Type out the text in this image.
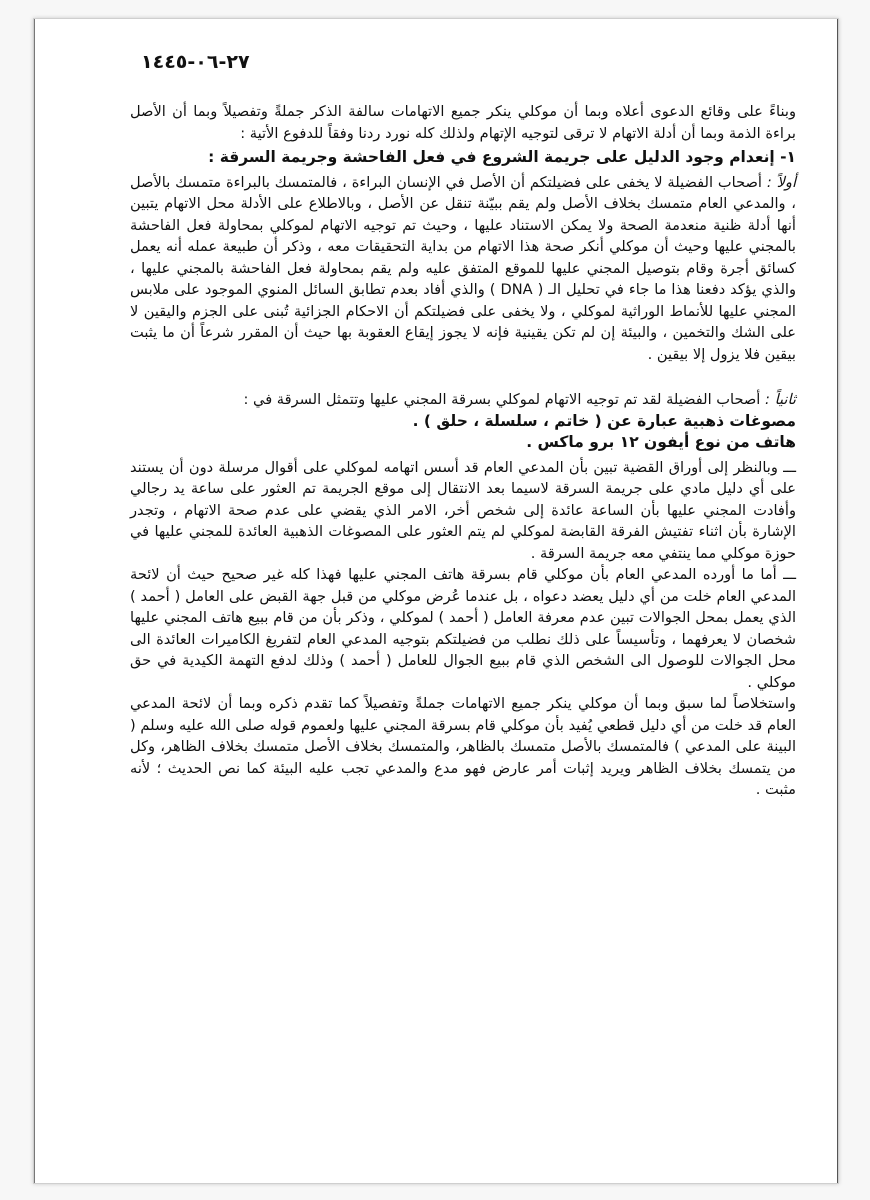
٢٧-٠٦-١٤٤٥

وبناءً على وقائع الدعوى أعلاه وبما أن موكلي ينكر جميع الاتهامات سالفة الذكر جملةً وتفصيلاً وبما أن الأصل براءة الذمة وبما أن أدلة الاتهام لا ترقى لتوجيه الإتهام ولذلك كله نورد ردنا وفقاً للدفوع الأتية :

١- إنعدام وجود الدليل على جريمة الشروع في فعل الفاحشة وجريمة السرقة :

أولاً : أصحاب الفضيلة لا يخفى على فضيلتكم أن الأصل في الإنسان البراءة ، فالمتمسك بالبراءة متمسك بالأصل ، والمدعي العام متمسك بخلاف الأصل ولم يقم ببيّنة تنقل عن الأصل ، وبالاطلاع على الأدلة محل الاتهام يتبين أنها أدلة ظنية منعدمة الصحة ولا يمكن الاستناد عليها ، وحيث تم توجيه الاتهام لموكلي بمحاولة فعل الفاحشة بالمجني عليها وحيث أن موكلي أنكر صحة هذا الاتهام من بداية التحقيقات معه ، وذكر أن طبيعة عمله أنه يعمل كسائق أجرة وقام بتوصيل المجني عليها للموقع المتفق عليه ولم يقم بمحاولة فعل الفاحشة بالمجني عليها ، والذي يؤكد دفعنا هذا ما جاء في تحليل الـ ( DNA ) والذي أفاد بعدم تطابق السائل المنوي الموجود على ملابس المجني عليها للأنماط الوراثية لموكلي ، ولا يخفى على فضيلتكم أن الاحكام الجزائية تُبنى على الجزم واليقين لا على الشك والتخمين ، والبيئة إن لم تكن يقينية فإنه لا يجوز إيقاع العقوبة بها حيث أن المقرر شرعاً أن ما يثبت بيقين فلا يزول إلا بيقين .

ثانياً : أصحاب الفضيلة لقد تم توجيه الاتهام لموكلي بسرقة المجني عليها وتتمثل السرقة في :

مصوغات ذهبية عبارة عن ( خاتم ، سلسلة ، حلق ) .

هاتف من نوع أيفون ١٢ برو ماكس .

ـــ وبالنظر إلى أوراق القضية تبين بأن المدعي العام قد أسس اتهامه لموكلي على أقوال مرسلة دون أن يستند على أي دليل مادي على جريمة السرقة لاسيما بعد الانتقال إلى موقع الجريمة تم العثور على ساعة يد رجالي وأفادت المجني عليها بأن الساعة عائدة إلى شخص أخر، الامر الذي يقضي على عدم صحة الاتهام ، وتجدر الإشارة بأن اثناء تفتيش الفرقة القابضة لموكلي لم يتم العثور على المصوغات الذهبية العائدة للمجني عليها في حوزة موكلي مما ينتفي معه جريمة السرقة .

ـــ أما ما أورده المدعي العام بأن موكلي قام بسرقة هاتف المجني عليها فهذا كله غير صحيح حيث أن لائحة المدعي العام خلت من أي دليل يعضد دعواه ، بل عندما عُرض موكلي من قبل جهة القبض على العامل ( أحمد ) الذي يعمل بمحل الجوالات تبين عدم معرفة العامل ( أحمد ) لموكلي ، وذكر بأن من قام ببيع هاتف المجني عليها شخصان لا يعرفهما ، وتأسيساً على ذلك نطلب من فضيلتكم بتوجيه المدعي العام لتفريغ الكاميرات العائدة الى محل الجوالات للوصول الى الشخص الذي قام ببيع الجوال للعامل ( أحمد ) وذلك لدفع التهمة الكيدية في حق موكلي .

واستخلاصاً لما سبق وبما أن موكلي ينكر جميع الاتهامات جملةً وتفصيلاً كما تقدم ذكره وبما أن لائحة المدعي العام قد خلت من أي دليل قطعي يُفيد بأن موكلي قام بسرقة المجني عليها ولعموم قوله صلى الله عليه وسلم ( البينة على المدعي ) فالمتمسك بالأصل متمسك بالظاهر، والمتمسك بخلاف الأصل متمسك بخلاف الظاهر، وكل من يتمسك بخلاف الظاهر ويريد إثبات أمر عارض فهو مدع والمدعي تجب عليه البيئة كما نص الحديث ؛ لأنه مثبت .
